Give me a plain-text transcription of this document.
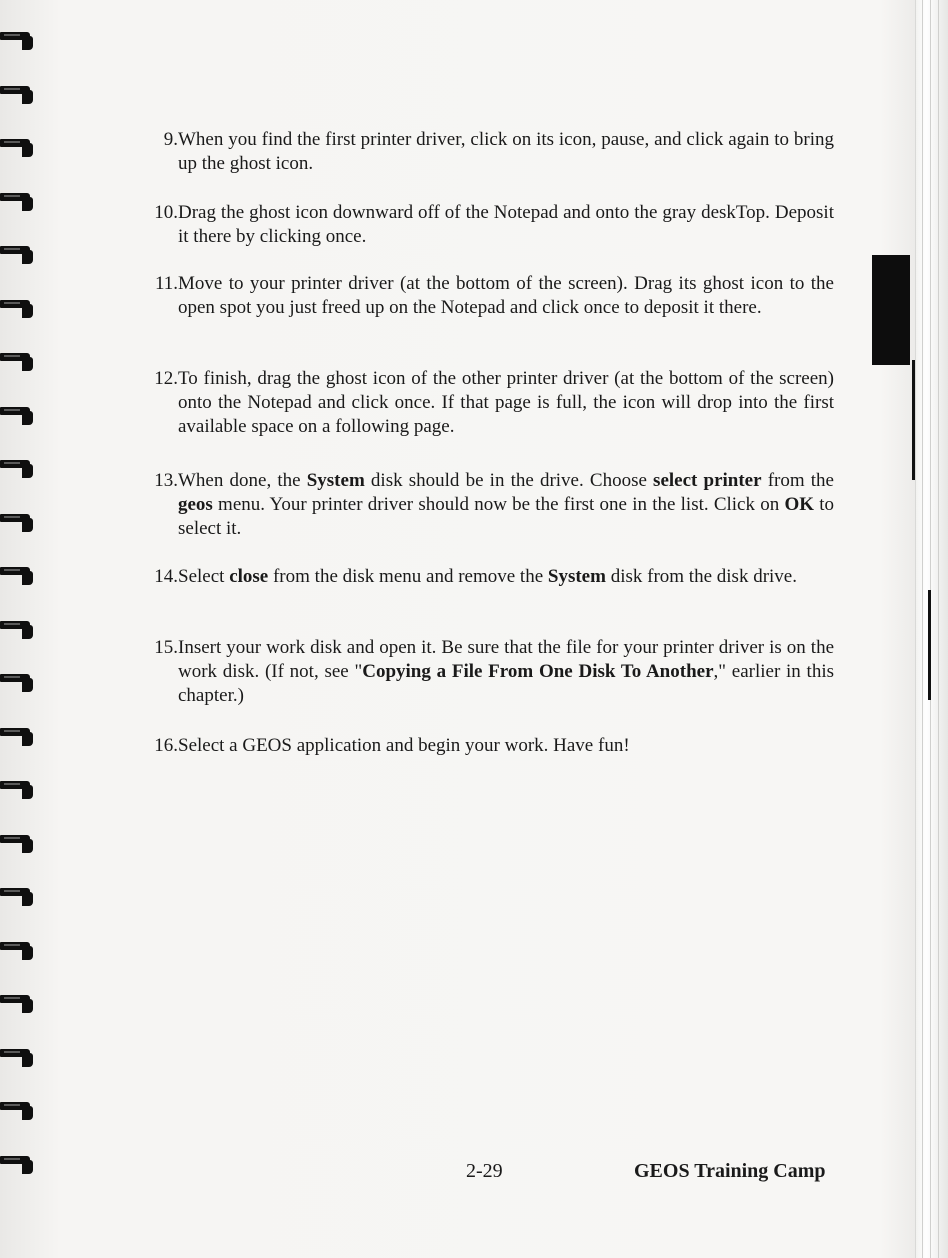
9. When you find the first printer driver, click on its icon, pause, and click again to bring up the ghost icon.
10. Drag the ghost icon downward off of the Notepad and onto the gray deskTop. Deposit it there by clicking once.
11. Move to your printer driver (at the bottom of the screen). Drag its ghost icon to the open spot you just freed up on the Notepad and click once to deposit it there.
12. To finish, drag the ghost icon of the other printer driver (at the bottom of the screen) onto the Notepad and click once. If that page is full, the icon will drop into the first available space on a following page.
13. When done, the System disk should be in the drive. Choose select printer from the geos menu. Your printer driver should now be the first one in the list. Click on OK to select it.
14. Select close from the disk menu and remove the System disk from the disk drive.
15. Insert your work disk and open it. Be sure that the file for your printer driver is on the work disk. (If not, see "Copying a File From One Disk To Another," earlier in this chapter.)
16. Select a GEOS application and begin your work. Have fun!
2-29	GEOS Training Camp
